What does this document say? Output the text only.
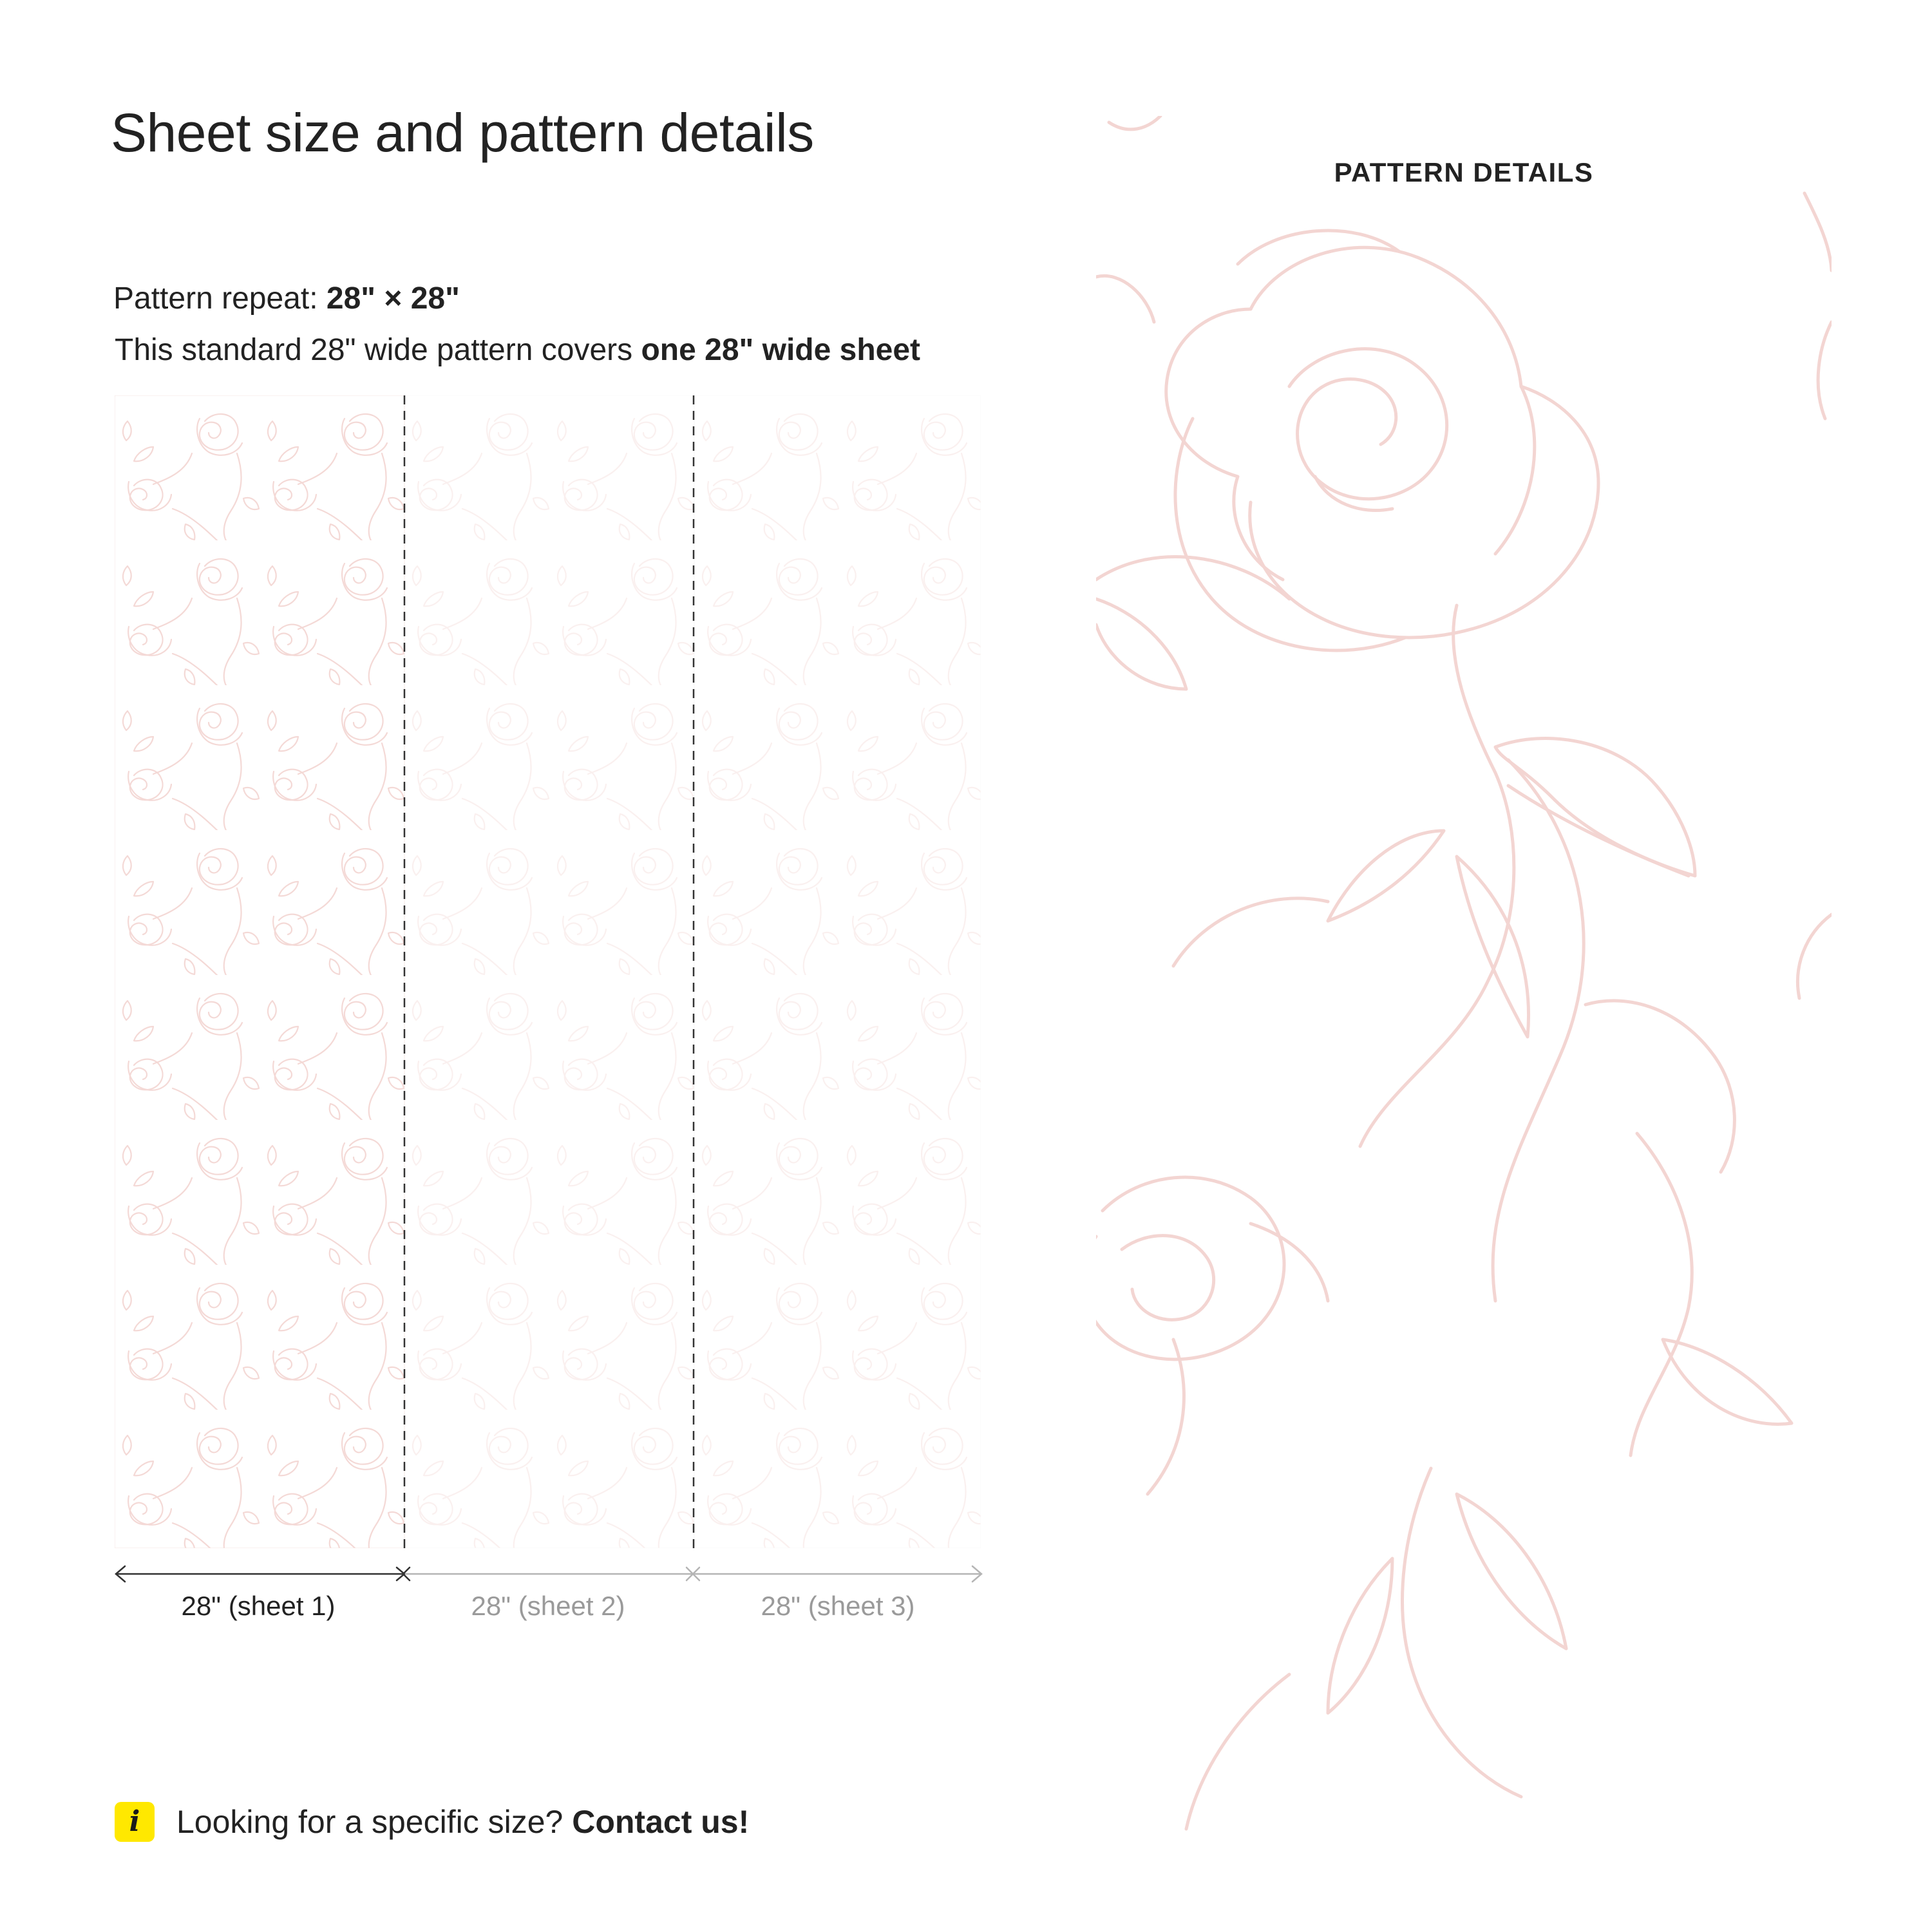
Sheet size and pattern details
Pattern repeat: 28" × 28"
This standard 28" wide pattern covers one 28" wide sheet
28" (sheet 1)	28" (sheet 2)	28" (sheet 3)
PATTERN DETAILS
i	Looking for a specific size? Contact us!
